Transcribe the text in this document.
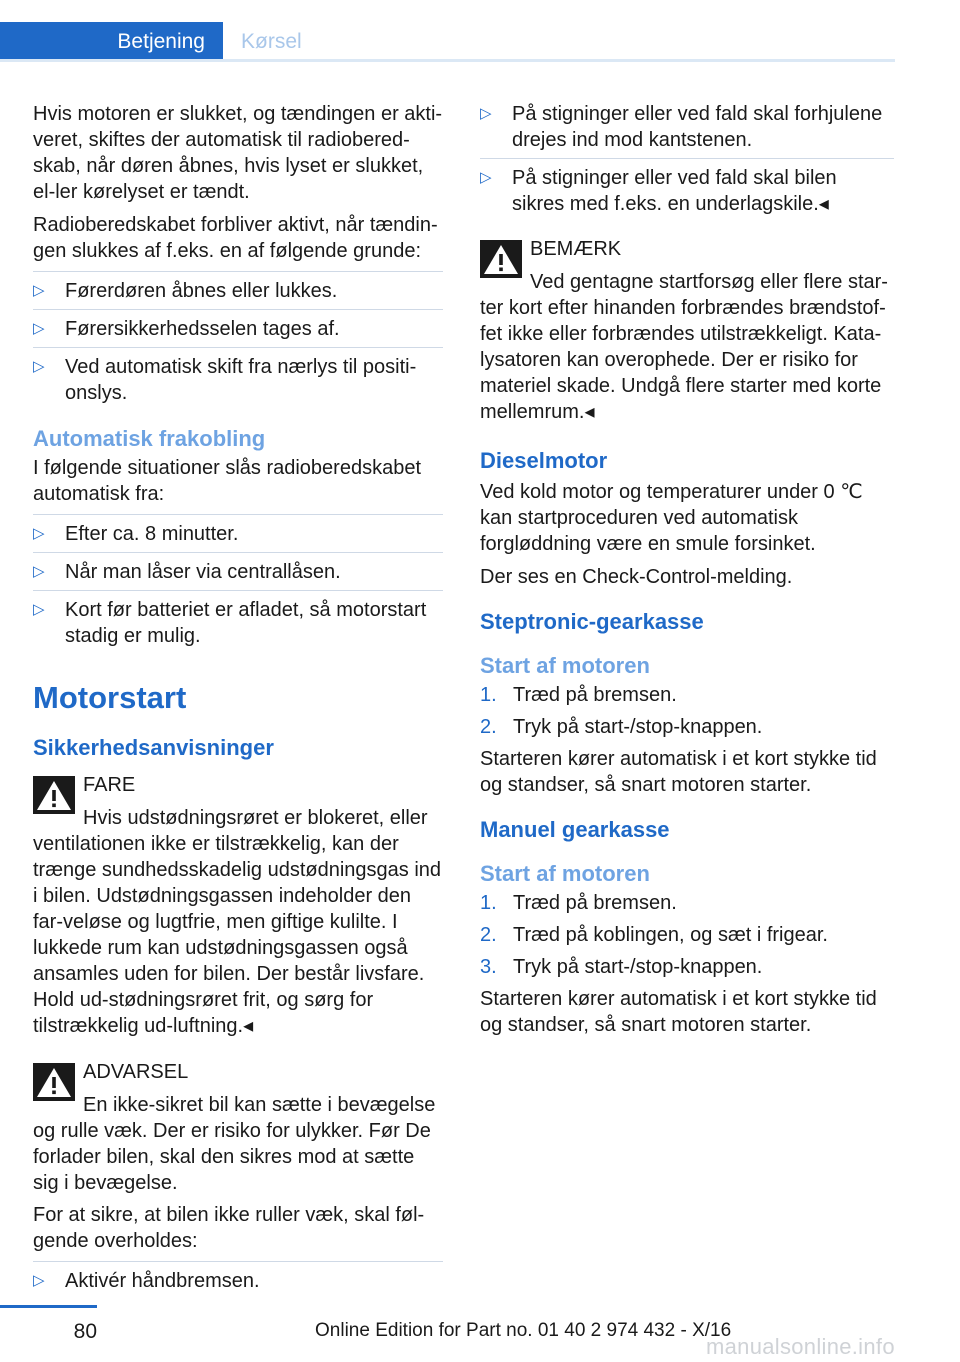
Betjening	Kørsel

Hvis motoren er slukket, og tændingen er akti-veret, skiftes der automatisk til radiobered-skab, når døren åbnes, hvis lyset er slukket, el-ler kørelyset er tændt.

Radioberedskabet forbliver aktivt, når tændin-gen slukkes af f.eks. en af følgende grunde:

▷	Førerdøren åbnes eller lukkes.
▷	Førersikkerhedsselen tages af.
▷	Ved automatisk skift fra nærlys til positi-onslys.
Automatisk frakobling

I følgende situationer slås radioberedskabet automatisk fra:

▷	Efter ca. 8 minutter.
▷	Når man låser via centrallåsen.
▷	Kort før batteriet er afladet, så motorstart stadig er mulig.
Motorstart
Sikkerhedsanvisninger
FARE
Hvis udstødningsrøret er blokeret, eller
ventilationen ikke er tilstrækkelig, kan der trænge sundhedsskadelig udstødningsgas ind i bilen. Udstødningsgassen indeholder den far-veløse og lugtfrie, men giftige kulilte. I lukkede rum kan udstødningsgassen også ansamles uden for bilen. Der består livsfare. Hold ud-stødningsrøret frit, og sørg for tilstrækkelig ud-luftning.◂
ADVARSEL
En ikke-sikret bil kan sætte i bevægelse
og rulle væk. Der er risiko for ulykker. Før De forlader bilen, skal den sikres mod at sætte sig i bevægelse.

For at sikre, at bilen ikke ruller væk, skal føl-gende overholdes:

▷	Aktivér håndbremsen.
▷	På stigninger eller ved fald skal forhjulene drejes ind mod kantstenen.
▷	På stigninger eller ved fald skal bilen sikres med f.eks. en underlagskile.◂
BEMÆRK
Ved gentagne startforsøg eller flere star-
ter kort efter hinanden forbrændes brændstof-fet ikke eller forbrændes utilstrækkeligt. Kata-lysatoren kan overophede. Der er risiko for materiel skade. Undgå flere starter med korte mellemrum.◂
Dieselmotor

Ved kold motor og temperaturer under 0 ℃ kan startproceduren ved automatisk forgløddning være en smule forsinket.

Der ses en Check-Control-melding.

Steptronic-gearkasse
Start af motoren
1. Træd på bremsen.
2. Tryk på start-/stop-knappen.

Starteren kører automatisk i et kort stykke tid og standser, så snart motoren starter.

Manuel gearkasse
Start af motoren
1. Træd på bremsen.
2. Træd på koblingen, og sæt i frigear.
3. Tryk på start-/stop-knappen.

Starteren kører automatisk i et kort stykke tid og standser, så snart motoren starter.

80	Online Edition for Part no. 01 40 2 974 432 - X/16
manualsonline.info
